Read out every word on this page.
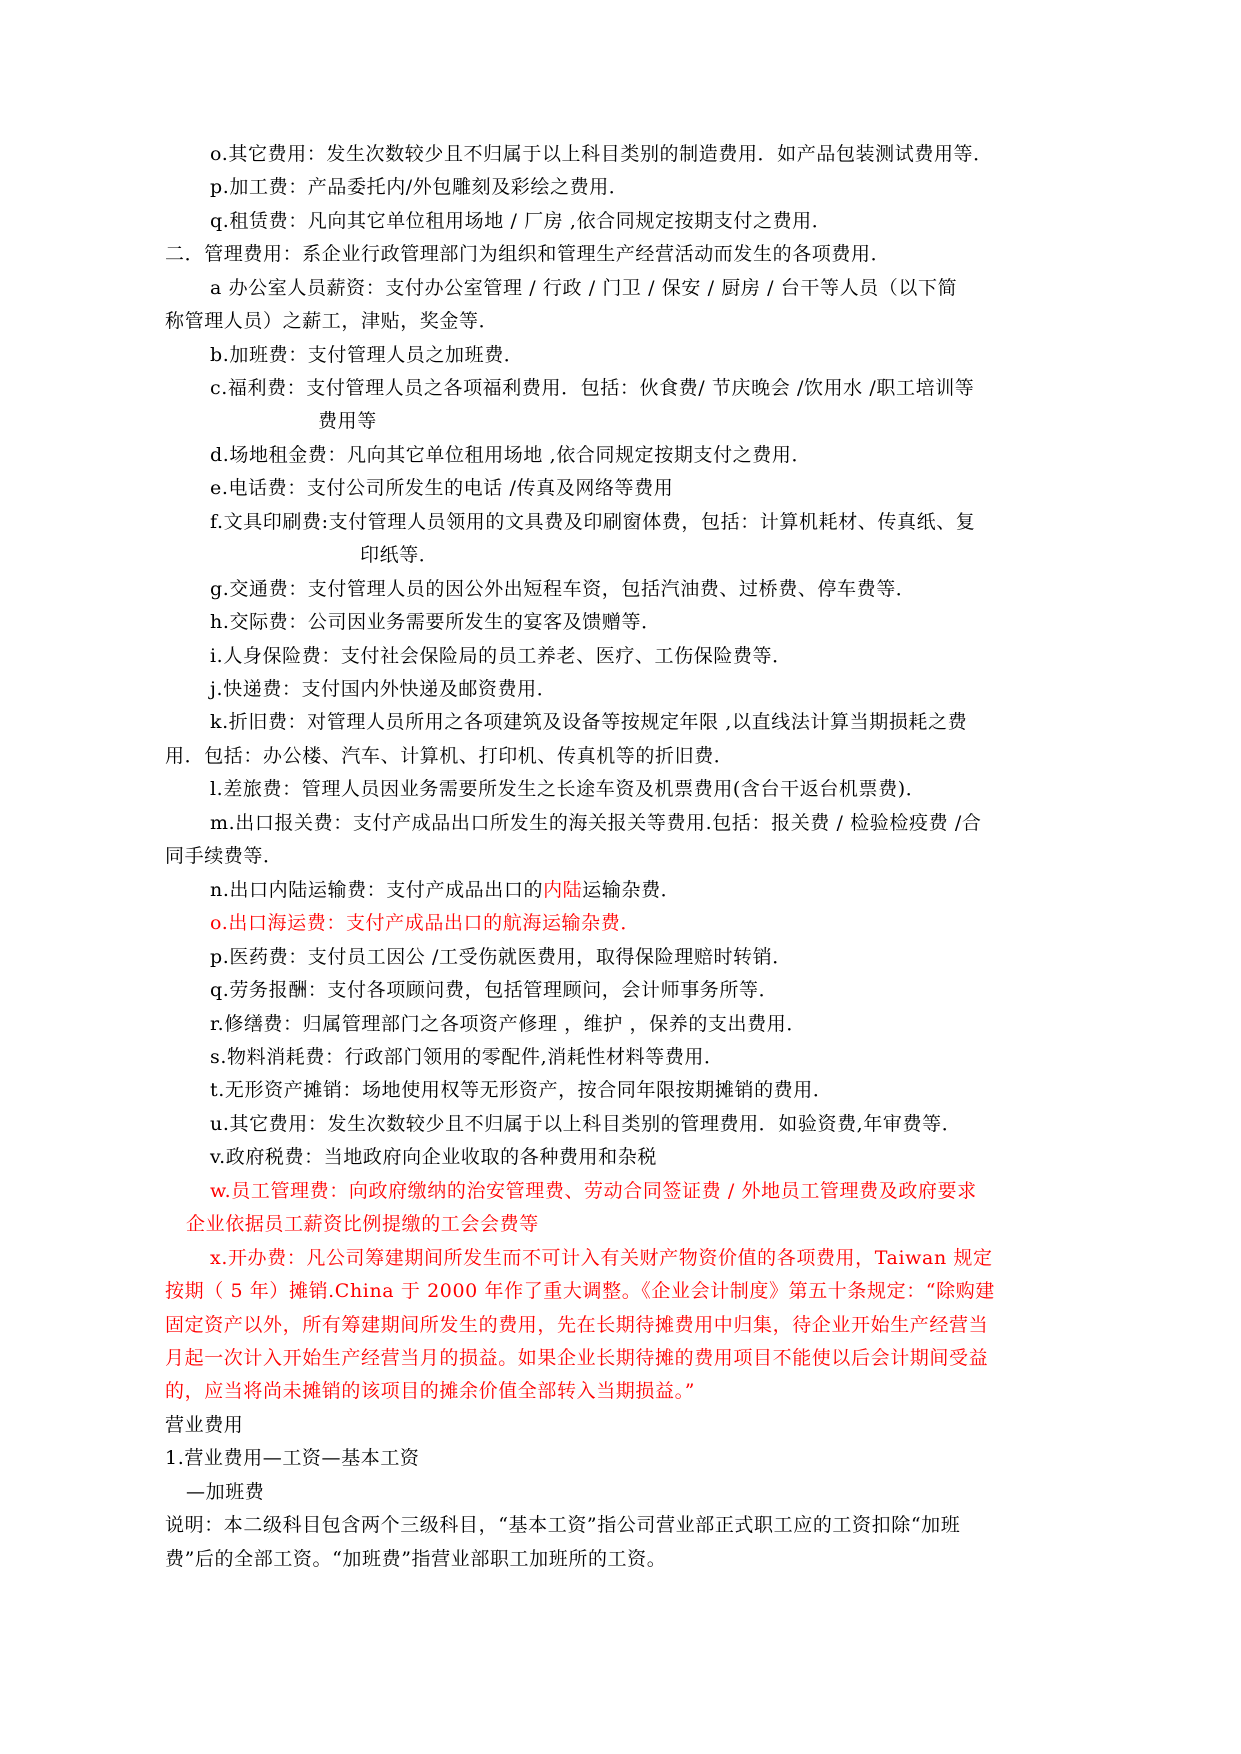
o.其它费用：发生次数较少且不归属于以上科目类别的制造费用．如产品包装测试费用等．
p.加工费：产品委托内/外包雕刻及彩绘之费用．
q.租赁费：凡向其它单位租用场地 / 厂房 ,依合同规定按期支付之费用．
二．管理费用：系企业行政管理部门为组织和管理生产经营活动而发生的各项费用．
a 办公室人员薪资：支付办公室管理 / 行政 / 门卫 / 保安 / 厨房 / 台干等人员（以下简
称管理人员）之薪工，津贴，奖金等．
b.加班费：支付管理人员之加班费．
c.福利费：支付管理人员之各项福利费用．包括：伙食费/ 节庆晚会 /饮用水 /职工培训等
费用等
d.场地租金费：凡向其它单位租用场地 ,依合同规定按期支付之费用．
e.电话费：支付公司所发生的电话 /传真及网络等费用
f.文具印刷费:支付管理人员领用的文具费及印刷窗体费，包括：计算机耗材、传真纸、复
印纸等．
g.交通费：支付管理人员的因公外出短程车资，包括汽油费、过桥费、停车费等．
h.交际费：公司因业务需要所发生的宴客及馈赠等．
i.人身保险费：支付社会保险局的员工养老、医疗、工伤保险费等．
j.快递费：支付国内外快递及邮资费用．
k.折旧费：对管理人员所用之各项建筑及设备等按规定年限 ,以直线法计算当期损耗之费
用．包括：办公楼、汽车、计算机、打印机、传真机等的折旧费．
l.差旅费：管理人员因业务需要所发生之长途车资及机票费用(含台干返台机票费)．
m.出口报关费：支付产成品出口所发生的海关报关等费用.包括：报关费 / 检验检疫费 /合
同手续费等．
n.出口内陆运输费：支付产成品出口的内陆运输杂费．
o.出口海运费：支付产成品出口的航海运输杂费．
p.医药费：支付员工因公 /工受伤就医费用，取得保险理赔时转销．
q.劳务报酬：支付各项顾问费，包括管理顾问，会计师事务所等．
r.修缮费：归属管理部门之各项资产修理 ，维护 ，保养的支出费用．
s.物料消耗费：行政部门领用的零配件,消耗性材料等费用．
t.无形资产摊销：场地使用权等无形资产，按合同年限按期摊销的费用．
u.其它费用：发生次数较少且不归属于以上科目类别的管理费用．如验资费,年审费等．
v.政府税费：当地政府向企业收取的各种费用和杂税
w.员工管理费：向政府缴纳的治安管理费、劳动合同签证费 / 外地员工管理费及政府要求
企业依据员工薪资比例提缴的工会会费等
x.开办费：凡公司筹建期间所发生而不可计入有关财产物资价值的各项费用，Taiwan 规定
按期（ 5 年）摊销.China 于 2000 年作了重大调整。《企业会计制度》第五十条规定：“除购建
固定资产以外，所有筹建期间所发生的费用，先在长期待摊费用中归集，待企业开始生产经营当
月起一次计入开始生产经营当月的损益。如果企业长期待摊的费用项目不能使以后会计期间受益
的，应当将尚未摊销的该项目的摊余价值全部转入当期损益。”
营业费用
1.营业费用—工资—基本工资
—加班费
说明：本二级科目包含两个三级科目，“基本工资”指公司营业部正式职工应的工资扣除“加班
费”后的全部工资。“加班费”指营业部职工加班所的工资。
